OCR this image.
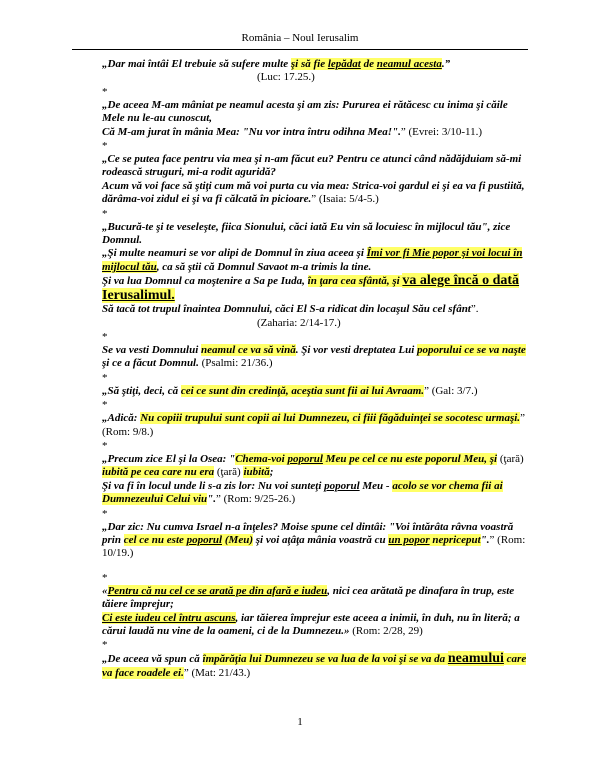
România – Noul Ierusalim

„Dar mai întâi El trebuie să sufere multe şi să fie lepădat de neamul acesta.”

(Luc: 17.25.)

*

„De aceea M-am mâniat pe neamul acesta şi am zis: Pururea ei rătăcesc cu inima şi căile Mele nu le-au cunoscut,

Că M-am jurat în mânia Mea: "Nu vor intra întru odihna Mea!".” (Evrei: 3/10-11.)

*

„Ce se putea face pentru via mea şi n-am făcut eu? Pentru ce atunci când nădăjduiam să-mi rodească struguri, mi-a rodit aguridă?

Acum vă voi face să ştiţi cum mă voi purta cu via mea: Strica-voi gardul ei şi ea va fi pustiită, dărâma-voi zidul ei şi va fi călcată în picioare.” (Isaia: 5/4-5.)

*

„Bucură-te şi te veseleşte, fiica Sionului, căci iată Eu vin să locuiesc în mijlocul tău", zice Domnul.

„Şi multe neamuri se vor alipi de Domnul în ziua aceea şi Îmi vor fi Mie popor şi voi locui în mijlocul tău, ca să ştii că Domnul Savaot m-a trimis la tine.

Şi va lua Domnul ca moştenire a Sa pe Iuda, în ţara cea sfântă, şi va alege încă o dată Ierusalimul.

Să tacă tot trupul înaintea Domnului, căci El S-a ridicat din locaşul Său cel sfânt”.

(Zaharia: 2/14-17.)

*

Se va vesti Domnului neamul ce va să vină. Şi vor vesti dreptatea Lui poporului ce se va naşte şi ce a făcut Domnul. (Psalmi: 21/36.)

*

„Să ştiţi, deci, că cei ce sunt din credinţă, aceştia sunt fii ai lui Avraam.” (Gal: 3/7.)

*

„Adică: Nu copiii trupului sunt copii ai lui Dumnezeu, ci fiii făgăduinţei se socotesc urmaşi.” (Rom: 9/8.)

*

„Precum zice El şi la Osea: "Chema-voi poporul Meu pe cel ce nu este poporul Meu, şi (ţară) iubită pe cea care nu era (ţară) iubită;

Şi va fi în locul unde li s-a zis lor: Nu voi sunteţi poporul Meu - acolo se vor chema fii ai Dumnezeului Celui viu".” (Rom: 9/25-26.)

*

„Dar zic: Nu cumva Israel n-a înţeles? Moise spune cel dintâi: "Voi întărâta râvna voastră prin cel ce nu este poporul (Meu) şi voi aţâţa mânia voastră cu un popor nepriceput".” (Rom: 10/19.)

*

«Pentru că nu cel ce se arată pe din afară e iudeu, nici cea arătată pe dinafara în trup, este tăiere împrejur;

Ci este iudeu cel întru ascuns, iar tăierea împrejur este aceea a inimii, în duh, nu în literă; a cărui laudă nu vine de la oameni, ci de la Dumnezeu.» (Rom: 2/28, 29)

*

„De aceea vă spun că împărăţia lui Dumnezeu se va lua de la voi şi se va da neamului care va face roadele ei.” (Mat: 21/43.)

1
